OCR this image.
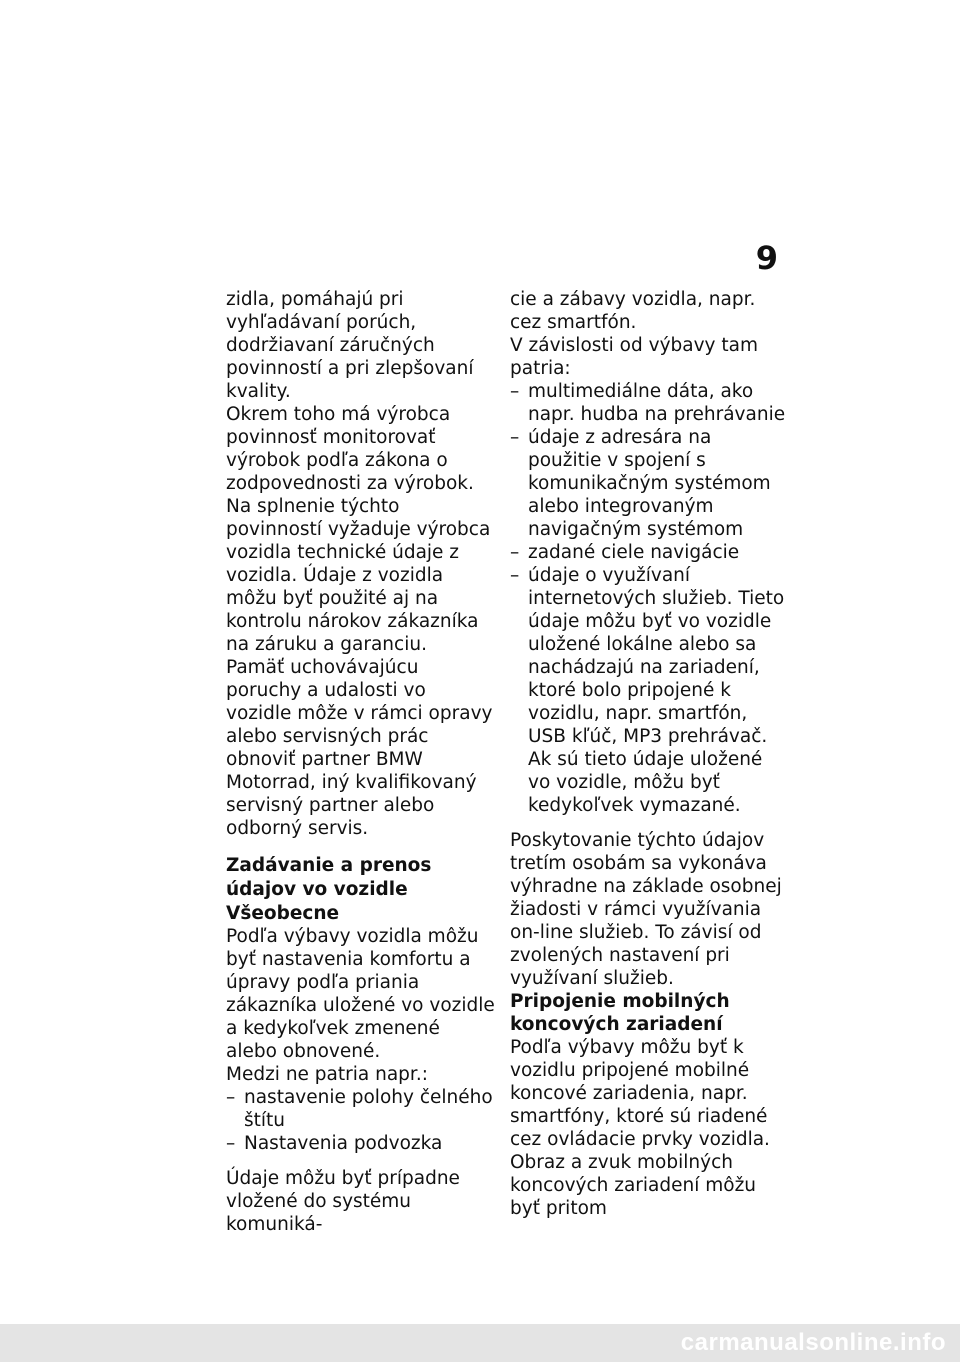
9

zidla, pomáhajú pri vyhľadávaní porúch, dodržiavaní záručných povinností a pri zlepšovaní kvality.

Okrem toho má výrobca povinnosť monitorovať výrobok podľa zákona o zodpovednosti za výrobok. Na splnenie týchto povinností vyžaduje výrobca vozidla technické údaje z vozidla. Údaje z vozidla môžu byť použité aj na kontrolu nárokov zákazníka na záruku a garanciu.

Pamäť uchovávajúcu poruchy a udalosti vo vozidle môže v rámci opravy alebo servisných prác obnoviť partner BMW Motorrad, iný kvalifikovaný servisný partner alebo odborný servis.

Zadávanie a prenos údajov vo vozidle
Všeobecne

Podľa výbavy vozidla môžu byť nastavenia komfortu a úpravy podľa priania zákazníka uložené vo vozidle a kedykoľvek zmenené alebo obnovené.

Medzi ne patria napr.:

– nastavenie polohy čelného štítu
– Nastavenia podvozka

Údaje môžu byť prípadne vložené do systému komuniká-

cie a zábavy vozidla, napr. cez smartfón.

V závislosti od výbavy tam patria:

– multimediálne dáta, ako napr. hudba na prehrávanie
– údaje z adresára na použitie v spojení s komunikačným systémom alebo integrovaným navigačným systémom
– zadané ciele navigácie
– údaje o využívaní internetových služieb. Tieto údaje môžu byť vo vozidle uložené lokálne alebo sa nachádzajú na zariadení, ktoré bolo pripojené k vozidlu, napr. smartfón, USB kľúč, MP3 prehrávač. Ak sú tieto údaje uložené vo vozidle, môžu byť kedykoľvek vymazané.

Poskytovanie týchto údajov tretím osobám sa vykonáva výhradne na základe osobnej žiadosti v rámci využívania on-line služieb. To závisí od zvolených nastavení pri využívaní služieb.

Pripojenie mobilných koncových zariadení

Podľa výbavy môžu byť k vozidlu pripojené mobilné koncové zariadenia, napr. smartfóny, ktoré sú riadené cez ovládacie prvky vozidla.

Obraz a zvuk mobilných koncových zariadení môžu byť pritom

carmanualsonline.info
